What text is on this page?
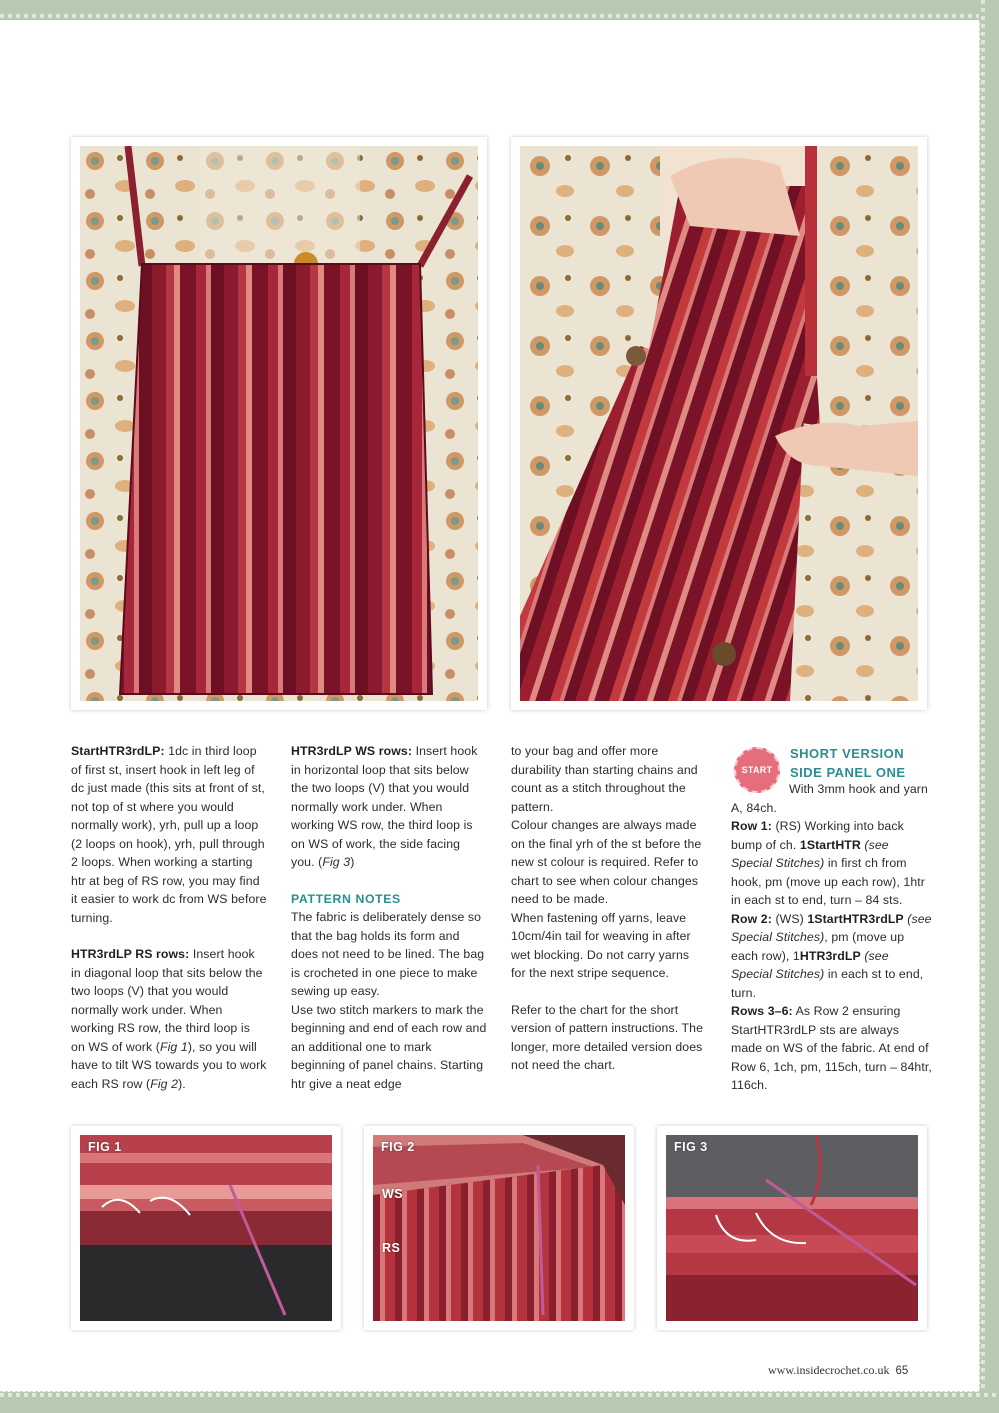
StartHTR3rdLP: 1dc in third loop of first st, insert hook in left leg of dc just made (this sits at front of st, not top of st where you would normally work), yrh, pull up a loop (2 loops on hook), yrh, pull through 2 loops. When working a starting htr at beg of RS row, you may find it easier to work dc from WS before turning.

HTR3rdLP RS rows: Insert hook in diagonal loop that sits below the two loops (V) that you would normally work under. When working RS row, the third loop is on WS of work (Fig 1), so you will have to tilt WS towards you to work each RS row (Fig 2).

HTR3rdLP WS rows: Insert hook in horizontal loop that sits below the two loops (V) that you would normally work under. When working WS row, the third loop is on WS of work, the side facing you. (Fig 3)

PATTERN NOTES

The fabric is deliberately dense so that the bag holds its form and does not need to be lined. The bag is crocheted in one piece to make sewing up easy.

Use two stitch markers to mark the beginning and end of each row and an additional one to mark beginning of panel chains. Starting htr give a neat edge

to your bag and offer more durability than starting chains and count as a stitch throughout the pattern.

Colour changes are always made on the final yrh of the st before the new st colour is required. Refer to chart to see when colour changes need to be made.

When fastening off yarns, leave 10cm/4in tail for weaving in after wet blocking. Do not carry yarns for the next stripe sequence.

Refer to the chart for the short version of pattern instructions. The longer, more detailed version does not need the chart.

START
SHORT VERSION
SIDE PANEL ONE

With 3mm hook and yarn A, 84ch.

Row 1: (RS) Working into back bump of ch. 1StartHTR (see Special Stitches) in first ch from hook, pm (move up each row), 1htr in each st to end, turn – 84 sts.

Row 2: (WS) 1StartHTR3rdLP (see Special Stitches), pm (move up each row), 1HTR3rdLP (see Special Stitches) in each st to end, turn.

Rows 3–6: As Row 2 ensuring StartHTR3rdLP sts are always made on WS of the fabric. At end of Row 6, 1ch, pm, 115ch, turn – 84htr, 116ch.

FIG 1	FIG 2
WS
RS
FIG 3
www.insidecrochet.co.uk 65
